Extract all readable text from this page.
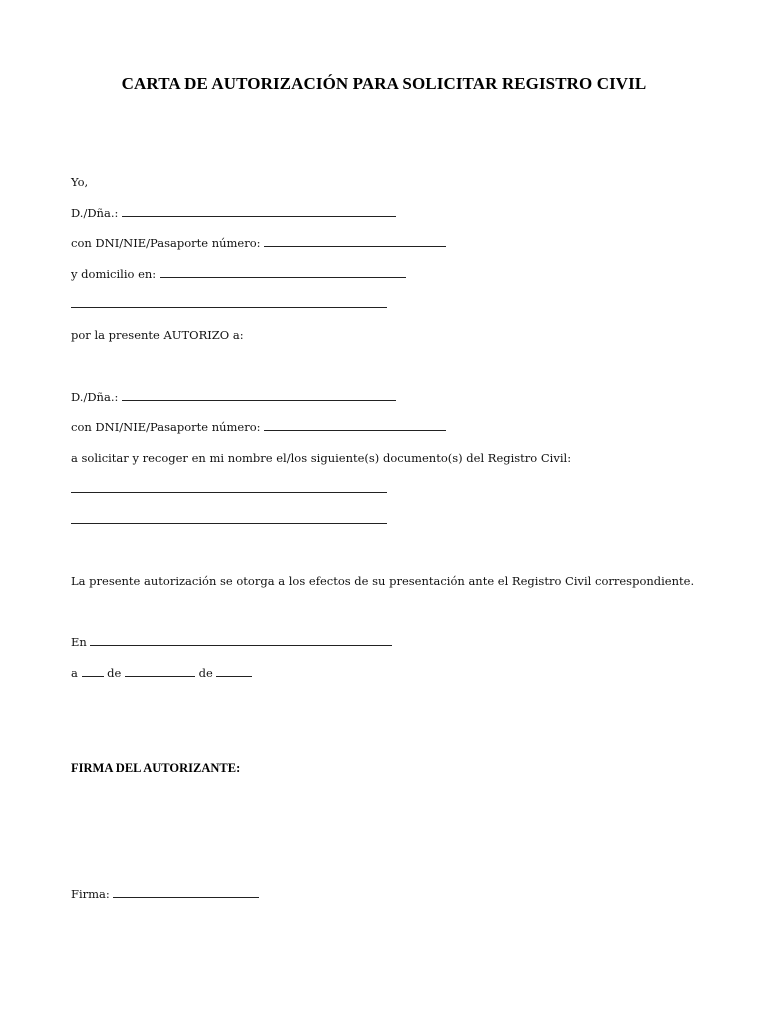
CARTA DE AUTORIZACIÓN PARA SOLICITAR REGISTRO CIVIL
Yo,
D./Dña.:
con DNI/NIE/Pasaporte número:
y domicilio en:
por la presente AUTORIZO a:
D./Dña.:
con DNI/NIE/Pasaporte número:
a solicitar y recoger en mi nombre el/los siguiente(s) documento(s) del Registro Civil:
La presente autorización se otorga a los efectos de su presentación ante el Registro Civil correspondiente.
En
a	de	de
FIRMA DEL AUTORIZANTE:
Firma:
